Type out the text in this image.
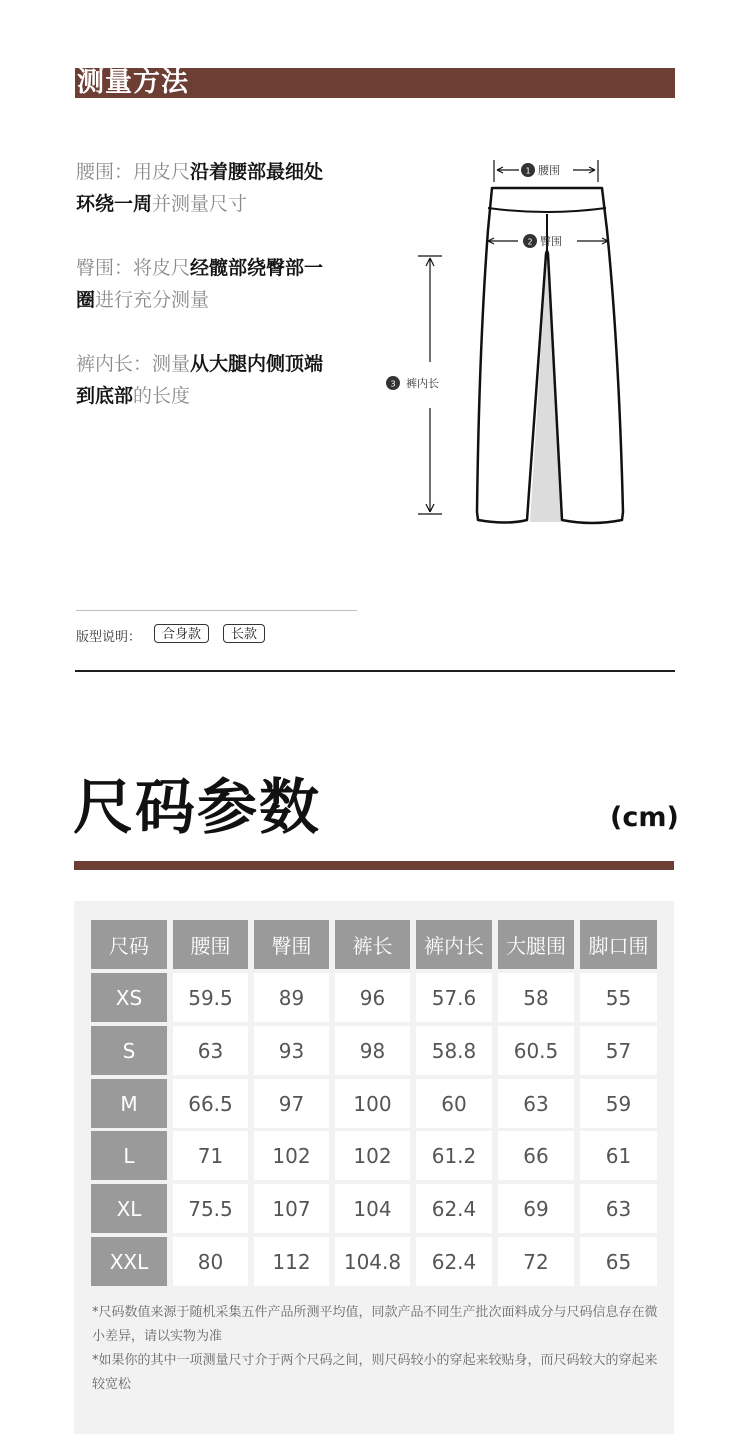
测量方法
腰围：用皮尺沿着腰部最细处环绕一周并测量尺寸
臀围：将皮尺经髋部绕臀部一圈进行充分测量
裤内长：测量从大腿内侧顶端到底部的长度
1 腰围
2 臀围
3 裤内长
版型说明：	合身款	长款
尺码参数	(cm)
尺码	腰围	臀围	裤长	裤内长	大腿围	脚口围
XS	59.5	89	96	57.6	58	55
S	63	93	98	58.8	60.5	57
M	66.5	97	100	60	63	59
L	71	102	102	61.2	66	61
XL	75.5	107	104	62.4	69	63
XXL	80	112	104.8	62.4	72	65
*尺码数值来源于随机采集五件产品所测平均值，同款产品不同生产批次面料成分与尺码信息存在微小差异，请以实物为准
*如果你的其中一项测量尺寸介于两个尺码之间，则尺码较小的穿起来较贴身，而尺码较大的穿起来较宽松
